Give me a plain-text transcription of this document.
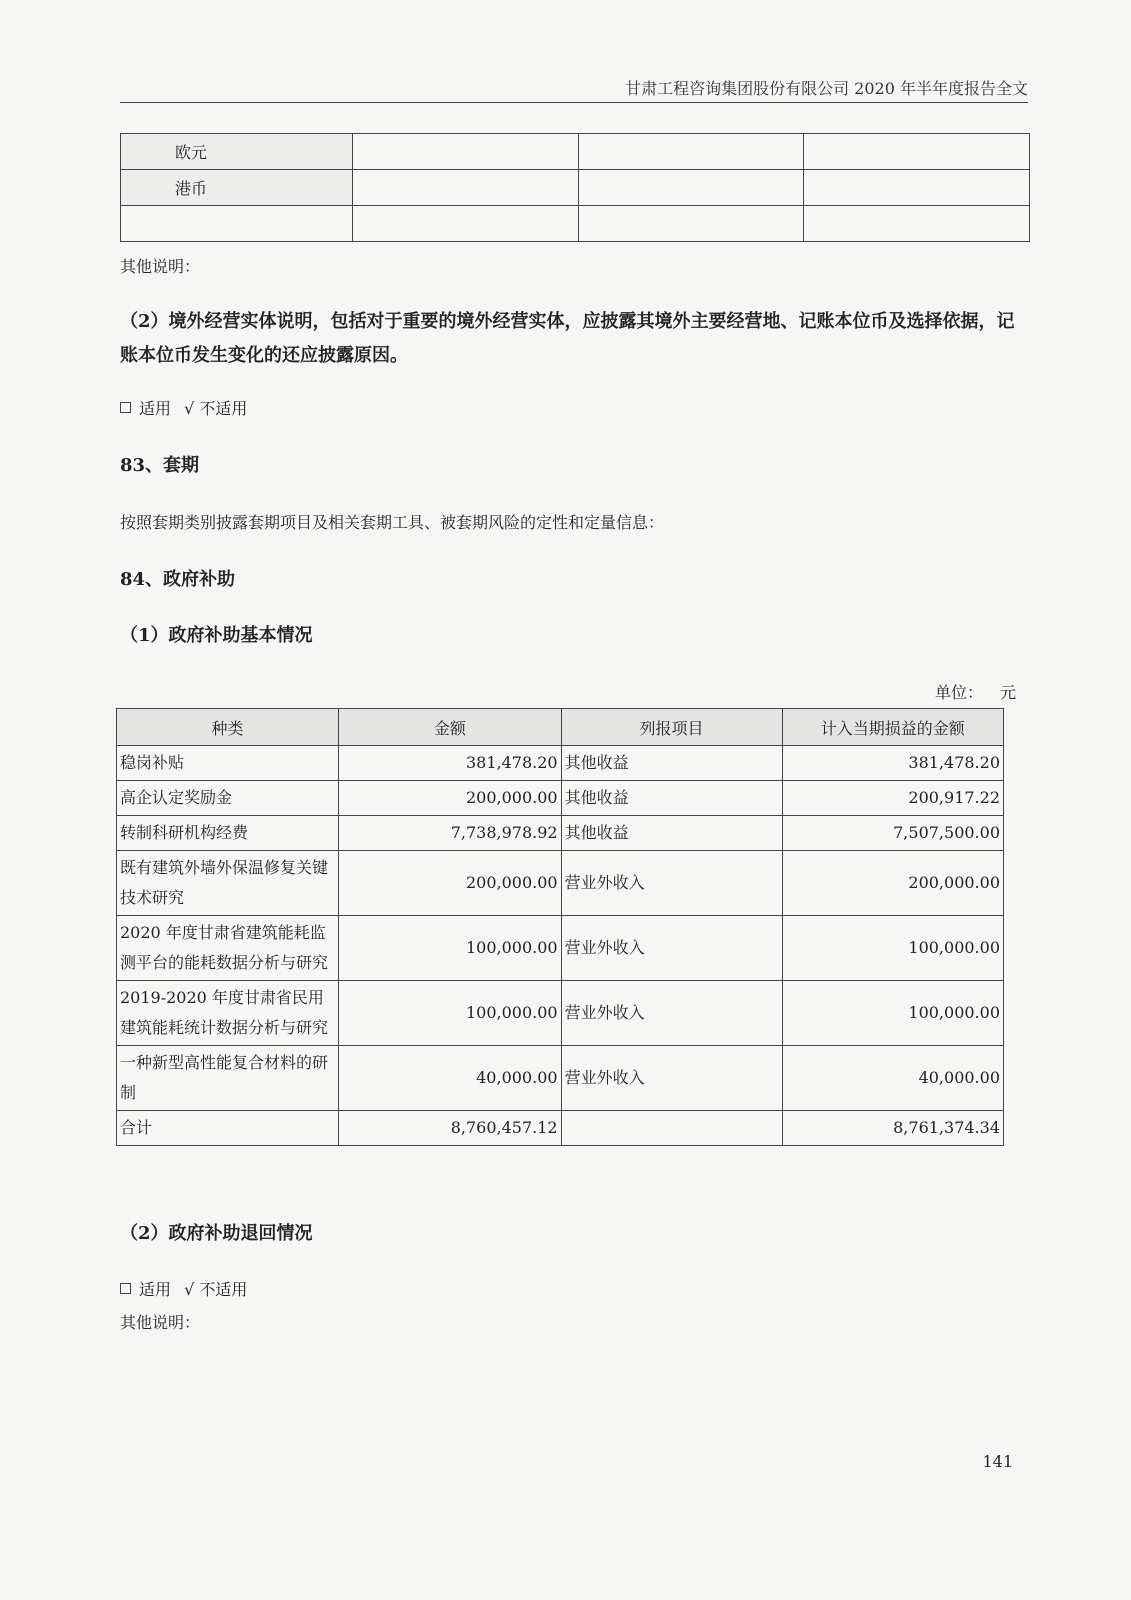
甘肃工程咨询集团股份有限公司 2020 年半年度报告全文
欧元			
港币			

其他说明：
（2）境外经营实体说明，包括对于重要的境外经营实体，应披露其境外主要经营地、记账本位币及选择依据，记账本位币发生变化的还应披露原因。
适用 √ 不适用
83、套期
按照套期类别披露套期项目及相关套期工具、被套期风险的定性和定量信息：
84、政府补助
（1）政府补助基本情况
单位： 元
种类	金额	列报项目	计入当期损益的金额
稳岗补贴	381,478.20	其他收益	381,478.20
高企认定奖励金	200,000.00	其他收益	200,917.22
转制科研机构经费	7,738,978.92	其他收益	7,507,500.00
既有建筑外墙外保温修复关键技术研究	200,000.00	营业外收入	200,000.00
2020 年度甘肃省建筑能耗监测平台的能耗数据分析与研究	100,000.00	营业外收入	100,000.00
2019-2020 年度甘肃省民用建筑能耗统计数据分析与研究	100,000.00	营业外收入	100,000.00
一种新型高性能复合材料的研制	40,000.00	营业外收入	40,000.00
合计	8,760,457.12		8,761,374.34
（2）政府补助退回情况
适用 √ 不适用
其他说明：
141
